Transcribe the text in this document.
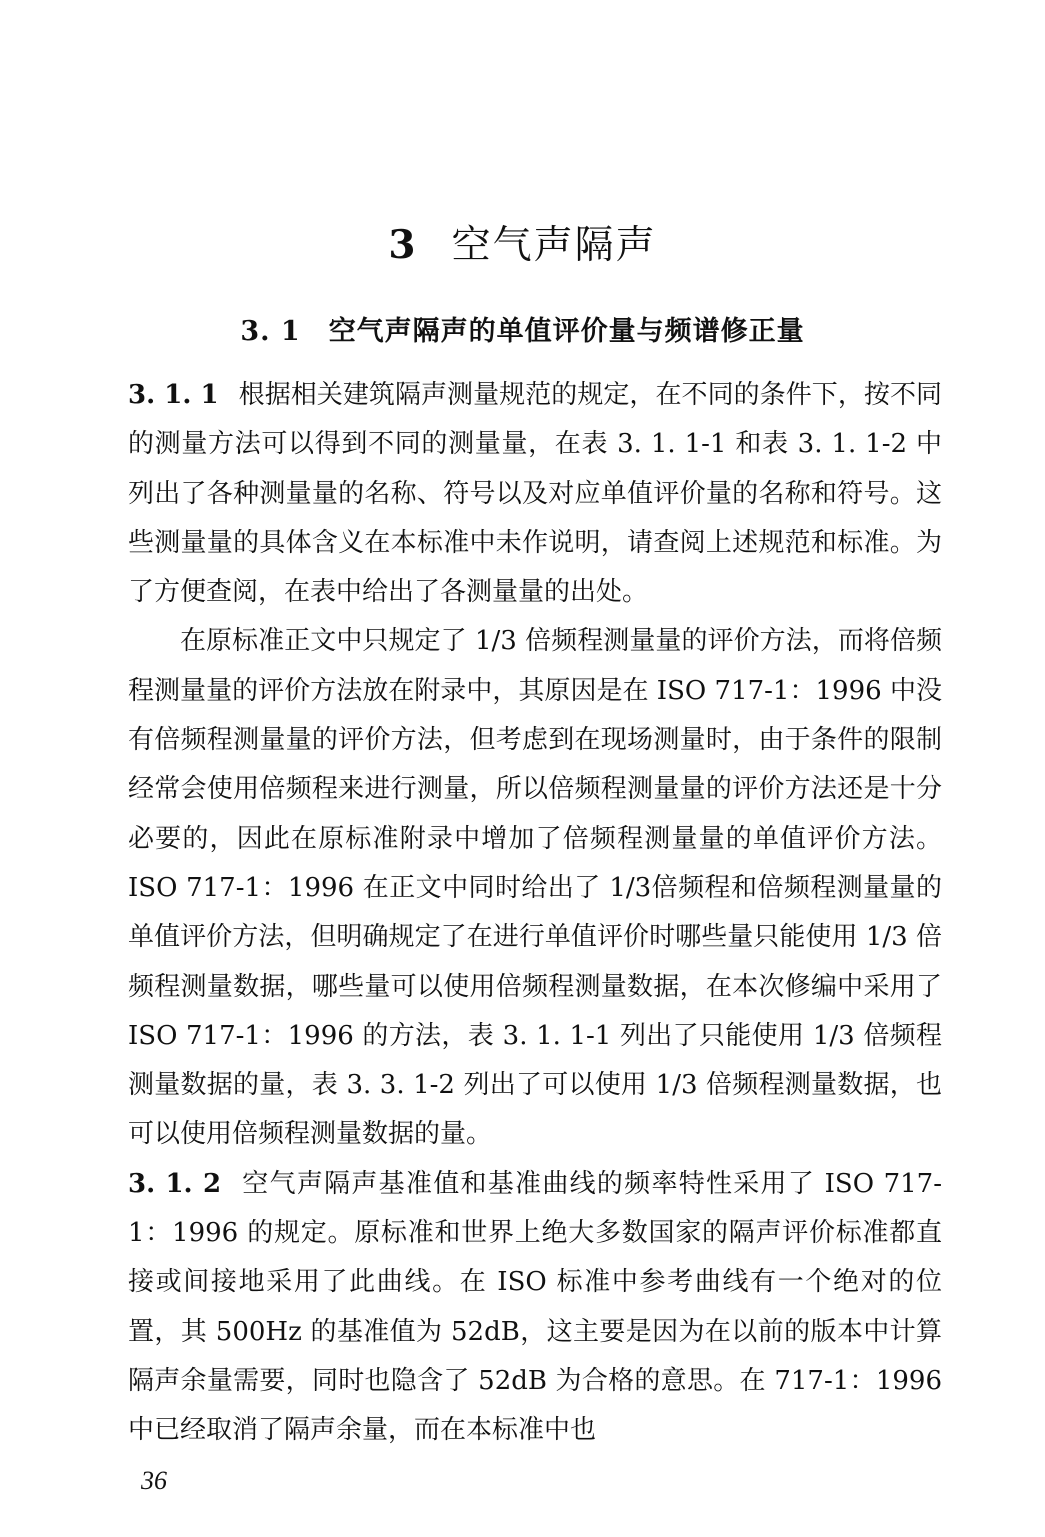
3 空气声隔声
3. 1 空气声隔声的单值评价量与频谱修正量

3. 1. 1 根据相关建筑隔声测量规范的规定，在不同的条件下，按不同的测量方法可以得到不同的测量量，在表 3. 1. 1-1 和表 3. 1. 1-2 中列出了各种测量量的名称、符号以及对应单值评价量的名称和符号。这些测量量的具体含义在本标准中未作说明，请查阅上述规范和标准。为了方便查阅，在表中给出了各测量量的出处。

在原标准正文中只规定了 1/3 倍频程测量量的评价方法，而将倍频程测量量的评价方法放在附录中，其原因是在 ISO 717-1：1996 中没有倍频程测量量的评价方法，但考虑到在现场测量时，由于条件的限制经常会使用倍频程来进行测量，所以倍频程测量量的评价方法还是十分必要的，因此在原标准附录中增加了倍频程测量量的单值评价方法。ISO 717-1：1996 在正文中同时给出了 1/3倍频程和倍频程测量量的单值评价方法，但明确规定了在进行单值评价时哪些量只能使用 1/3 倍频程测量数据，哪些量可以使用倍频程测量数据，在本次修编中采用了 ISO 717-1：1996 的方法，表 3. 1. 1-1 列出了只能使用 1/3 倍频程测量数据的量，表 3. 3. 1-2 列出了可以使用 1/3 倍频程测量数据，也可以使用倍频程测量数据的量。

3. 1. 2 空气声隔声基准值和基准曲线的频率特性采用了 ISO 717-1：1996 的规定。原标准和世界上绝大多数国家的隔声评价标准都直接或间接地采用了此曲线。在 ISO 标准中参考曲线有一个绝对的位置，其 500Hz 的基准值为 52dB，这主要是因为在以前的版本中计算隔声余量需要，同时也隐含了 52dB 为合格的意思。在 717-1：1996 中已经取消了隔声余量，而在本标准中也

36
